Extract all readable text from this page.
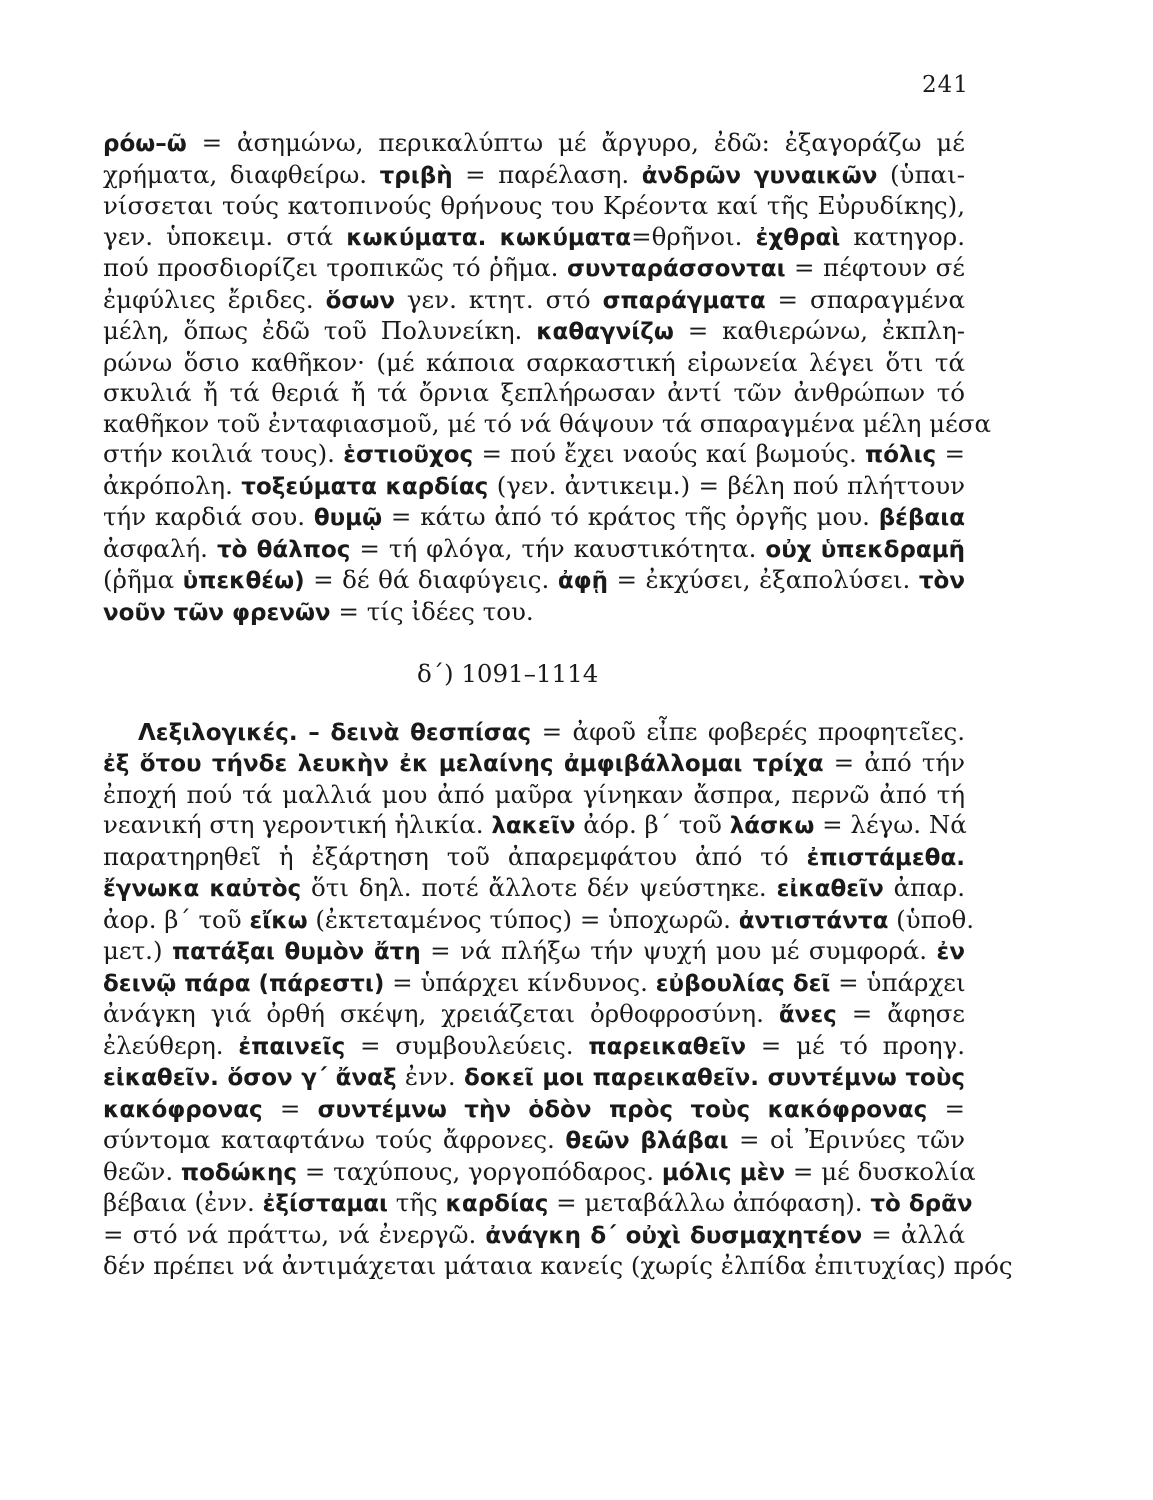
241
ρόω–ῶ = ἀσημώνω, περικαλύπτω μέ ἄργυρο, ἐδῶ: ἐξαγοράζω μέ
χρήματα, διαφθείρω. τριβὴ = παρέλαση. ἀνδρῶν γυναικῶν (ὑπαι-
νίσσεται τούς κατοπινούς θρήνους του Κρέοντα καί τῆς Εὐρυδίκης),
γεν. ὑποκειμ. στά κωκύματα. κωκύματα=θρῆνοι. ἐχθραὶ κατηγορ.
πού προσδιορίζει τροπικῶς τό ῥῆμα. συνταράσσονται = πέφτουν σέ
ἐμφύλιες ἔριδες. ὅσων γεν. κτητ. στό σπαράγματα = σπαραγμένα
μέλη, ὅπως ἐδῶ τοῦ Πολυνείκη. καθαγνίζω = καθιερώνω, ἐκπλη-
ρώνω ὅσιο καθῆκον· (μέ κάποια σαρκαστική εἰρωνεία λέγει ὅτι τά
σκυλιά ἤ τά θεριά ἤ τά ὄρνια ξεπλήρωσαν ἀντί τῶν ἀνθρώπων τό
καθῆκον τοῦ ἐνταφιασμοῦ, μέ τό νά θάψουν τά σπαραγμένα μέλη μέσα
στήν κοιλιά τους). ἑστιοῦχος = πού ἔχει ναούς καί βωμούς. πόλις =
ἀκρόπολη. τοξεύματα καρδίας (γεν. ἀντικειμ.) = βέλη πού πλήττουν
τήν καρδιά σου. θυμῷ = κάτω ἀπό τό κράτος τῆς ὀργῆς μου. βέβαια
ἀσφαλή. τὸ θάλπος = τή φλόγα, τήν καυστικότητα. οὐχ ὑπεκδραμῆ
(ῥῆμα ὑπεκθέω) = δέ θά διαφύγεις. ἀφῇ = ἐκχύσει, ἐξαπολύσει. τὸν
νοῦν τῶν φρενῶν = τίς ἰδέες του.
δ΄) 1091–1114
Λεξιλογικές. – δεινὰ θεσπίσας = ἀφοῦ εἶπε φοβερές προφητεῖες.
ἐξ ὅτου τήνδε λευκὴν ἐκ μελαίνης ἀμφιβάλλομαι τρίχα = ἀπό τήν
ἐποχή πού τά μαλλιά μου ἀπό μαῦρα γίνηκαν ἄσπρα, περνῶ ἀπό τή
νεανική στη γεροντική ἡλικία. λακεῖν ἀόρ. β΄ τοῦ λάσκω = λέγω. Νά
παρατηρηθεῖ ἡ ἐξάρτηση τοῦ ἀπαρεμφάτου ἀπό τό ἐπιστάμεθα.
ἔγνωκα καὐτὸς ὅτι δηλ. ποτέ ἄλλοτε δέν ψεύστηκε. εἰκαθεῖν ἀπαρ.
ἀορ. β΄ τοῦ εἴκω (ἐκτεταμένος τύπος) = ὑποχωρῶ. ἀντιστάντα (ὑποθ.
μετ.) πατάξαι θυμὸν ἄτη = νά πλήξω τήν ψυχή μου μέ συμφορά. ἐν
δεινῷ πάρα (πάρεστι) = ὑπάρχει κίνδυνος. εὐβουλίας δεῖ = ὑπάρχει
ἀνάγκη γιά ὀρθή σκέψη, χρειάζεται ὀρθοφροσύνη. ἄνες = ἄφησε
ἐλεύθερη. ἐπαινεῖς = συμβουλεύεις. παρεικαθεῖν = μέ τό προηγ.
εἰκαθεῖν. ὅσον γ΄ ἄναξ ἐνν. δοκεῖ μοι παρεικαθεῖν. συντέμνω τοὺς
κακόφρονας = συντέμνω τὴν ὁδὸν πρὸς τοὺς κακόφρονας =
σύντομα καταφτάνω τούς ἄφρονες. θεῶν βλάβαι = οἱ Ἐρινύες τῶν
θεῶν. ποδώκης = ταχύπους, γοργοπόδαρος. μόλις μὲν = μέ δυσκολία
βέβαια (ἐνν. ἐξίσταμαι τῆς καρδίας = μεταβάλλω ἀπόφαση). τὸ δρᾶν
= στό νά πράττω, νά ἐνεργῶ. ἀνάγκη δ΄ οὐχὶ δυσμαχητέον = ἀλλά
δέν πρέπει νά ἀντιμάχεται μάταια κανείς (χωρίς ἐλπίδα ἐπιτυχίας) πρός
